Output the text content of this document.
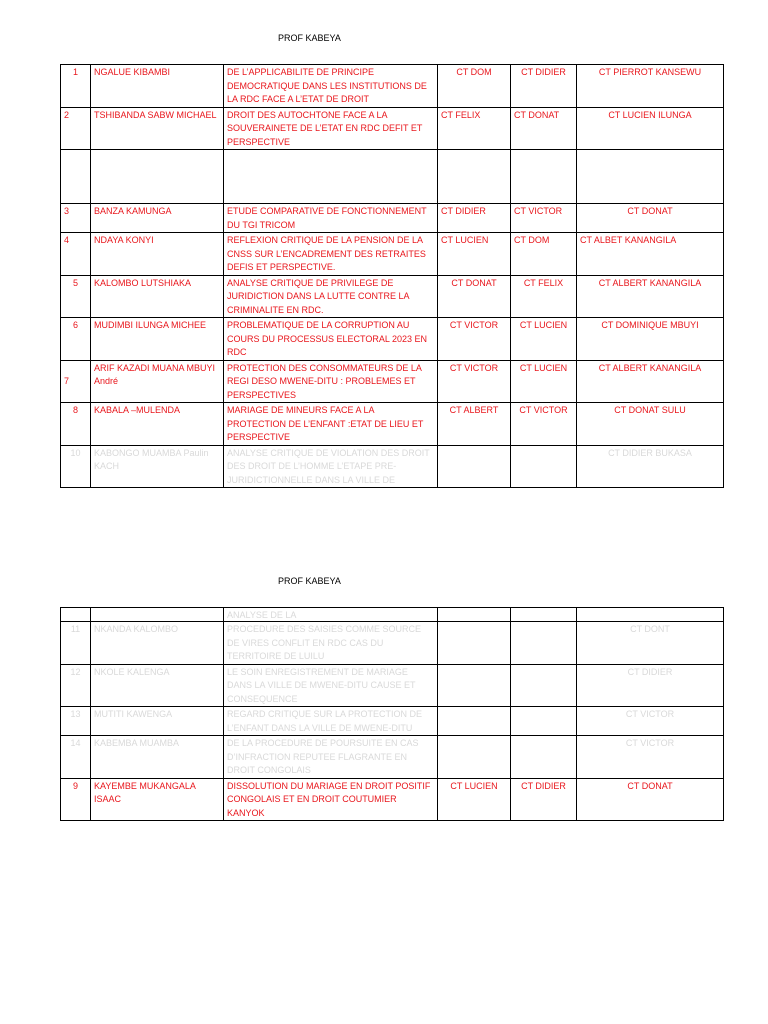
PROF KABEYA
1	NGALUE KIBAMBI	DE L’APPLICABILITE DE PRINCIPE DEMOCRATIQUE DANS LES INSTITUTIONS DE LA RDC FACE A L’ETAT DE DROIT	CT DOM	CT DIDIER	CT PIERROT KANSEWU
2	TSHIBANDA SABW MICHAEL	DROIT DES AUTOCHTONE FACE A LA SOUVERAINETE DE L’ETAT EN RDC DEFIT ET PERSPECTIVE	CT FELIX	CT DONAT	CT LUCIEN ILUNGA

3	BANZA KAMUNGA	ETUDE COMPARATIVE DE FONCTIONNEMENT DU TGI TRICOM	CT DIDIER	CT VICTOR	CT DONAT
4	NDAYA KONYI	REFLEXION CRITIQUE DE LA PENSION DE LA CNSS SUR L’ENCADREMENT DES RETRAITES DEFIS ET PERSPECTIVE.	CT LUCIEN	CT DOM	CT ALBET KANANGILA
5	KALOMBO LUTSHIAKA	ANALYSE CRITIQUE DE PRIVILEGE DE JURIDICTION DANS LA LUTTE CONTRE LA CRIMINALITE EN RDC.	CT DONAT	CT FELIX	CT ALBERT KANANGILA
6	MUDIMBI ILUNGA MICHEE	PROBLEMATIQUE DE LA CORRUPTION AU COURS DU PROCESSUS ELECTORAL 2023 EN RDC	CT VICTOR	CT LUCIEN	CT DOMINIQUE MBUYI
7	ARIF KAZADI MUANA MBUYI André	PROTECTION DES CONSOMMATEURS DE LA REGI DESO MWENE-DITU : PROBLEMES ET PERSPECTIVES	CT VICTOR	CT LUCIEN	CT ALBERT KANANGILA
8	KABALA –MULENDA	MARIAGE DE MINEURS FACE A LA PROTECTION DE L’ENFANT :ETAT DE LIEU ET PERSPECTIVE	CT ALBERT	CT VICTOR	CT DONAT SULU
10	KABONGO MUAMBA Paulin KACH	ANALYSE CRITIQUE DE VIOLATION DES DROIT DES DROIT DE L’HOMME L’ETAPE PRE-JURIDICTIONNELLE DANS LA VILLE DE			CT DIDIER BUKASA
PROF KABEYA
		ANALYSE DE LA			
11	NKANDA KALOMBO	PROCEDURE DES SAISIES COMME SOURCE DE VIRES CONFLIT EN RDC CAS DU TERRITOIRE DE LUILU			CT DONT
12	NKOLE KALENGA	LE SOIN ENREGISTREMENT DE MARIAGE DANS LA VILLE DE MWENE-DITU CAUSE ET CONSEQUENCE			CT DIDIER
13	MUTITI KAWENGA	REGARD CRITIQUE SUR LA PROTECTION DE L’ENFANT DANS LA VILLE DE MWENE-DITU			CT VICTOR
14	KABEMBA MUAMBA	DE LA PROCEDURE DE POURSUITE EN CAS D’INFRACTION REPUTEE FLAGRANTE EN DROIT CONGOLAIS			CT VICTOR
9	KAYEMBE MUKANGALA ISAAC	DISSOLUTION DU MARIAGE EN DROIT POSITIF CONGOLAIS ET EN DROIT COUTUMIER KANYOK	CT LUCIEN	CT DIDIER	CT DONAT
